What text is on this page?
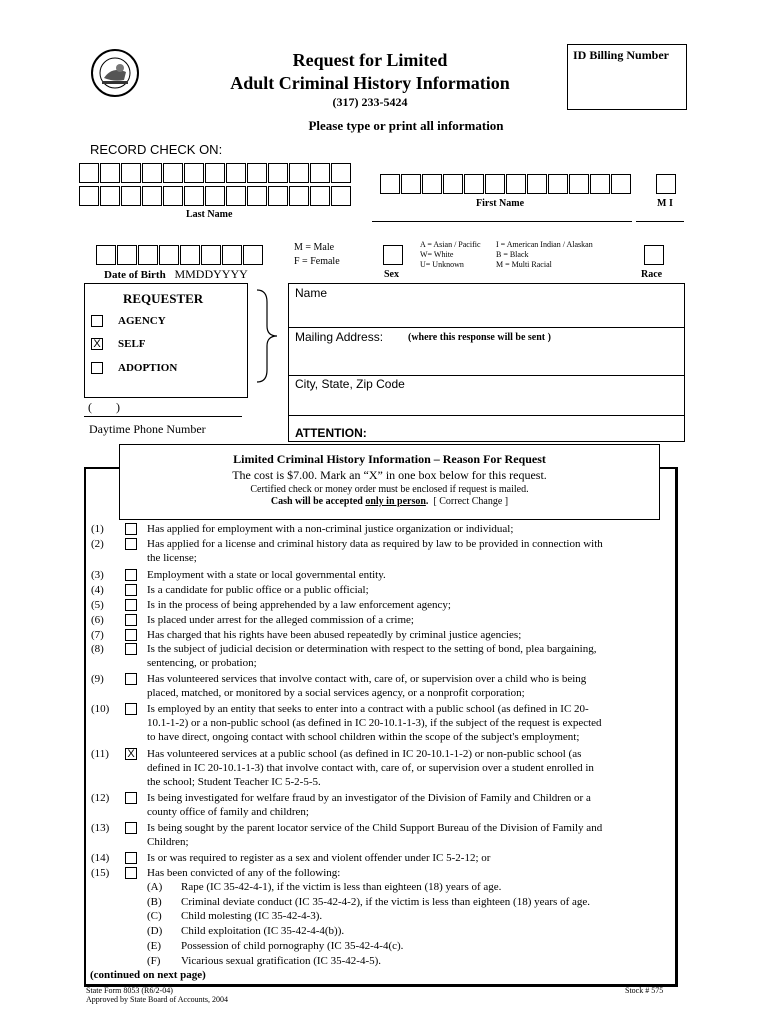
Request for Limited
Adult Criminal History Information
(317) 233-5424
Please type or print all information
ID Billing Number
RECORD CHECK ON:
Last Name
First Name	M I
Date of Birth MMDDYYYY
M = Male
F = Female
Sex
A = Asian / Pacific
W= White
U= Unknown
I = American Indian / Alaskan
B = Black
M = Multi Racial
Race
REQUESTER
AGENCY
X SELF
ADOPTION
(        )
Daytime Phone Number
Name
Mailing Address: (where this response will be sent )
City, State, Zip Code
ATTENTION:
Limited Criminal History Information – Reason For Request
The cost is $7.00. Mark an “X” in one box below for this request.
Certified check or money order must be enclosed if request is mailed.
Cash will be accepted only in person.  [ Correct Change ]
(1)	Has applied for employment with a non-criminal justice organization or individual;
(2)	Has applied for a license and criminal history data as required by law to be provided in connection with
the license;
(3)	Employment with a state or local governmental entity.
(4)	Is a candidate for public office or a public official;
(5)	Is in the process of being apprehended by a law enforcement agency;
(6)	Is placed under arrest for the alleged commission of a crime;
(7)	Has charged that his rights have been abused repeatedly by criminal justice agencies;
(8)	Is the subject of judicial decision or determination with respect to the setting of bond, plea bargaining,
sentencing, or probation;
(9)	Has volunteered services that involve contact with, care of, or supervision over a child who is being
placed, matched, or monitored by a social services agency, or a nonprofit corporation;
(10)	Is employed by an entity that seeks to enter into a contract with a public school (as defined in IC 20-
10.1-1-2) or a non-public school (as defined in IC 20-10.1-1-3), if the subject of the request is expected
to have direct, ongoing contact with school children within the scope of the subject's employment;
(11) X Has volunteered services at a public school (as defined in IC 20-10.1-1-2) or non-public school (as
defined in IC 20-10.1-1-3) that involve contact with, care of, or supervision over a student enrolled in
the school; Student Teacher IC 5-2-5-5.
(12)	Is being investigated for welfare fraud by an investigator of the Division of Family and Children or a
county office of family and children;
(13)	Is being sought by the parent locator service of the Child Support Bureau of the Division of Family and
Children;
(14)	Is or was required to register as a sex and violent offender under IC 5-2-12; or
(15)	Has been convicted of any of the following:
(A) Rape (IC 35-42-4-1), if the victim is less than eighteen (18) years of age.
(B) Criminal deviate conduct (IC 35-42-4-2), if the victim is less than eighteen (18) years of age.
(C) Child molesting (IC 35-42-4-3).
(D) Child exploitation (IC 35-42-4-4(b)).
(E) Possession of child pornography (IC 35-42-4-4(c).
(F) Vicarious sexual gratification (IC 35-42-4-5).
(continued on next page)
State Form 8053 (R6/2-04)
Approved by State Board of Accounts, 2004
Stock # 575
